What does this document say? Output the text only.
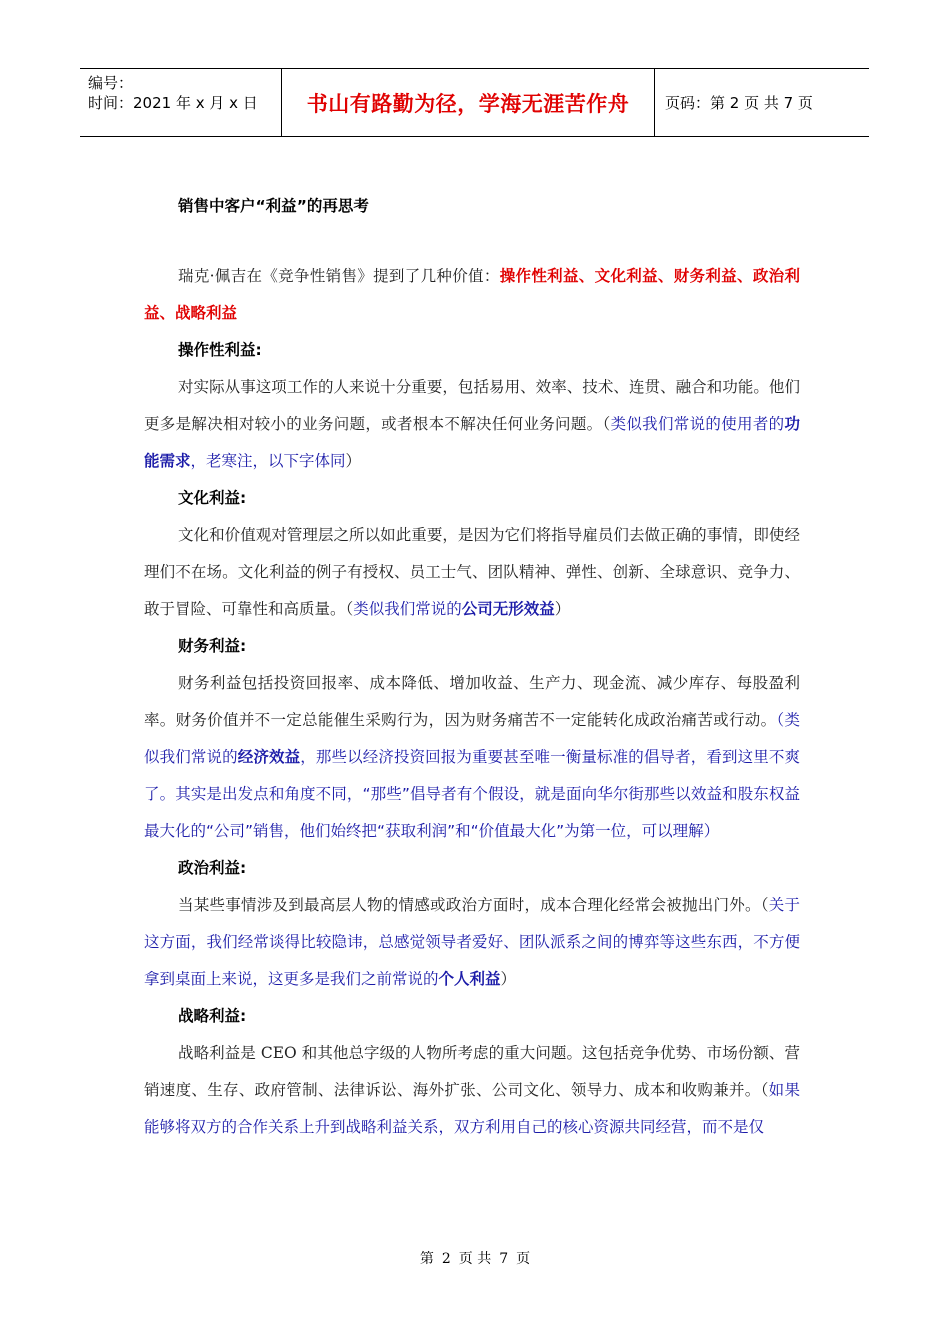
编号：
时间：2021 年 x 月 x 日	书山有路勤为径，学海无涯苦作舟	页码：第 2 页 共 7 页
销售中客户“利益”的再思考

瑞克·佩吉在《竞争性销售》提到了几种价值：操作性利益、文化利益、财务利益、政治利益、战略利益

操作性利益:

对实际从事这项工作的人来说十分重要，包括易用、效率、技术、连贯、融合和功能。他们更多是解决相对较小的业务问题，或者根本不解决任何业务问题。（类似我们常说的使用者的功能需求，老寒注，以下字体同）

文化利益:

文化和价值观对管理层之所以如此重要，是因为它们将指导雇员们去做正确的事情，即使经理们不在场。文化利益的例子有授权、员工士气、团队精神、弹性、创新、全球意识、竞争力、敢于冒险、可靠性和高质量。（类似我们常说的公司无形效益）

财务利益:

财务利益包括投资回报率、成本降低、增加收益、生产力、现金流、减少库存、每股盈利率。财务价值并不一定总能催生采购行为，因为财务痛苦不一定能转化成政治痛苦或行动。（类似我们常说的经济效益，那些以经济投资回报为重要甚至唯一衡量标准的倡导者，看到这里不爽了。其实是出发点和角度不同，“那些”倡导者有个假设，就是面向华尔街那些以效益和股东权益最大化的“公司”销售，他们始终把“获取利润”和“价值最大化”为第一位，可以理解）

政治利益:

当某些事情涉及到最高层人物的情感或政治方面时，成本合理化经常会被抛出门外。（关于这方面，我们经常谈得比较隐讳，总感觉领导者爱好、团队派系之间的博弈等这些东西，不方便拿到桌面上来说，这更多是我们之前常说的个人利益）

战略利益:

战略利益是 CEO 和其他总字级的人物所考虑的重大问题。这包括竞争优势、市场份额、营销速度、生存、政府管制、法律诉讼、海外扩张、公司文化、领导力、成本和收购兼并。（如果能够将双方的合作关系上升到战略利益关系，双方利用自己的核心资源共同经营，而不是仅

第 2 页 共 7 页
